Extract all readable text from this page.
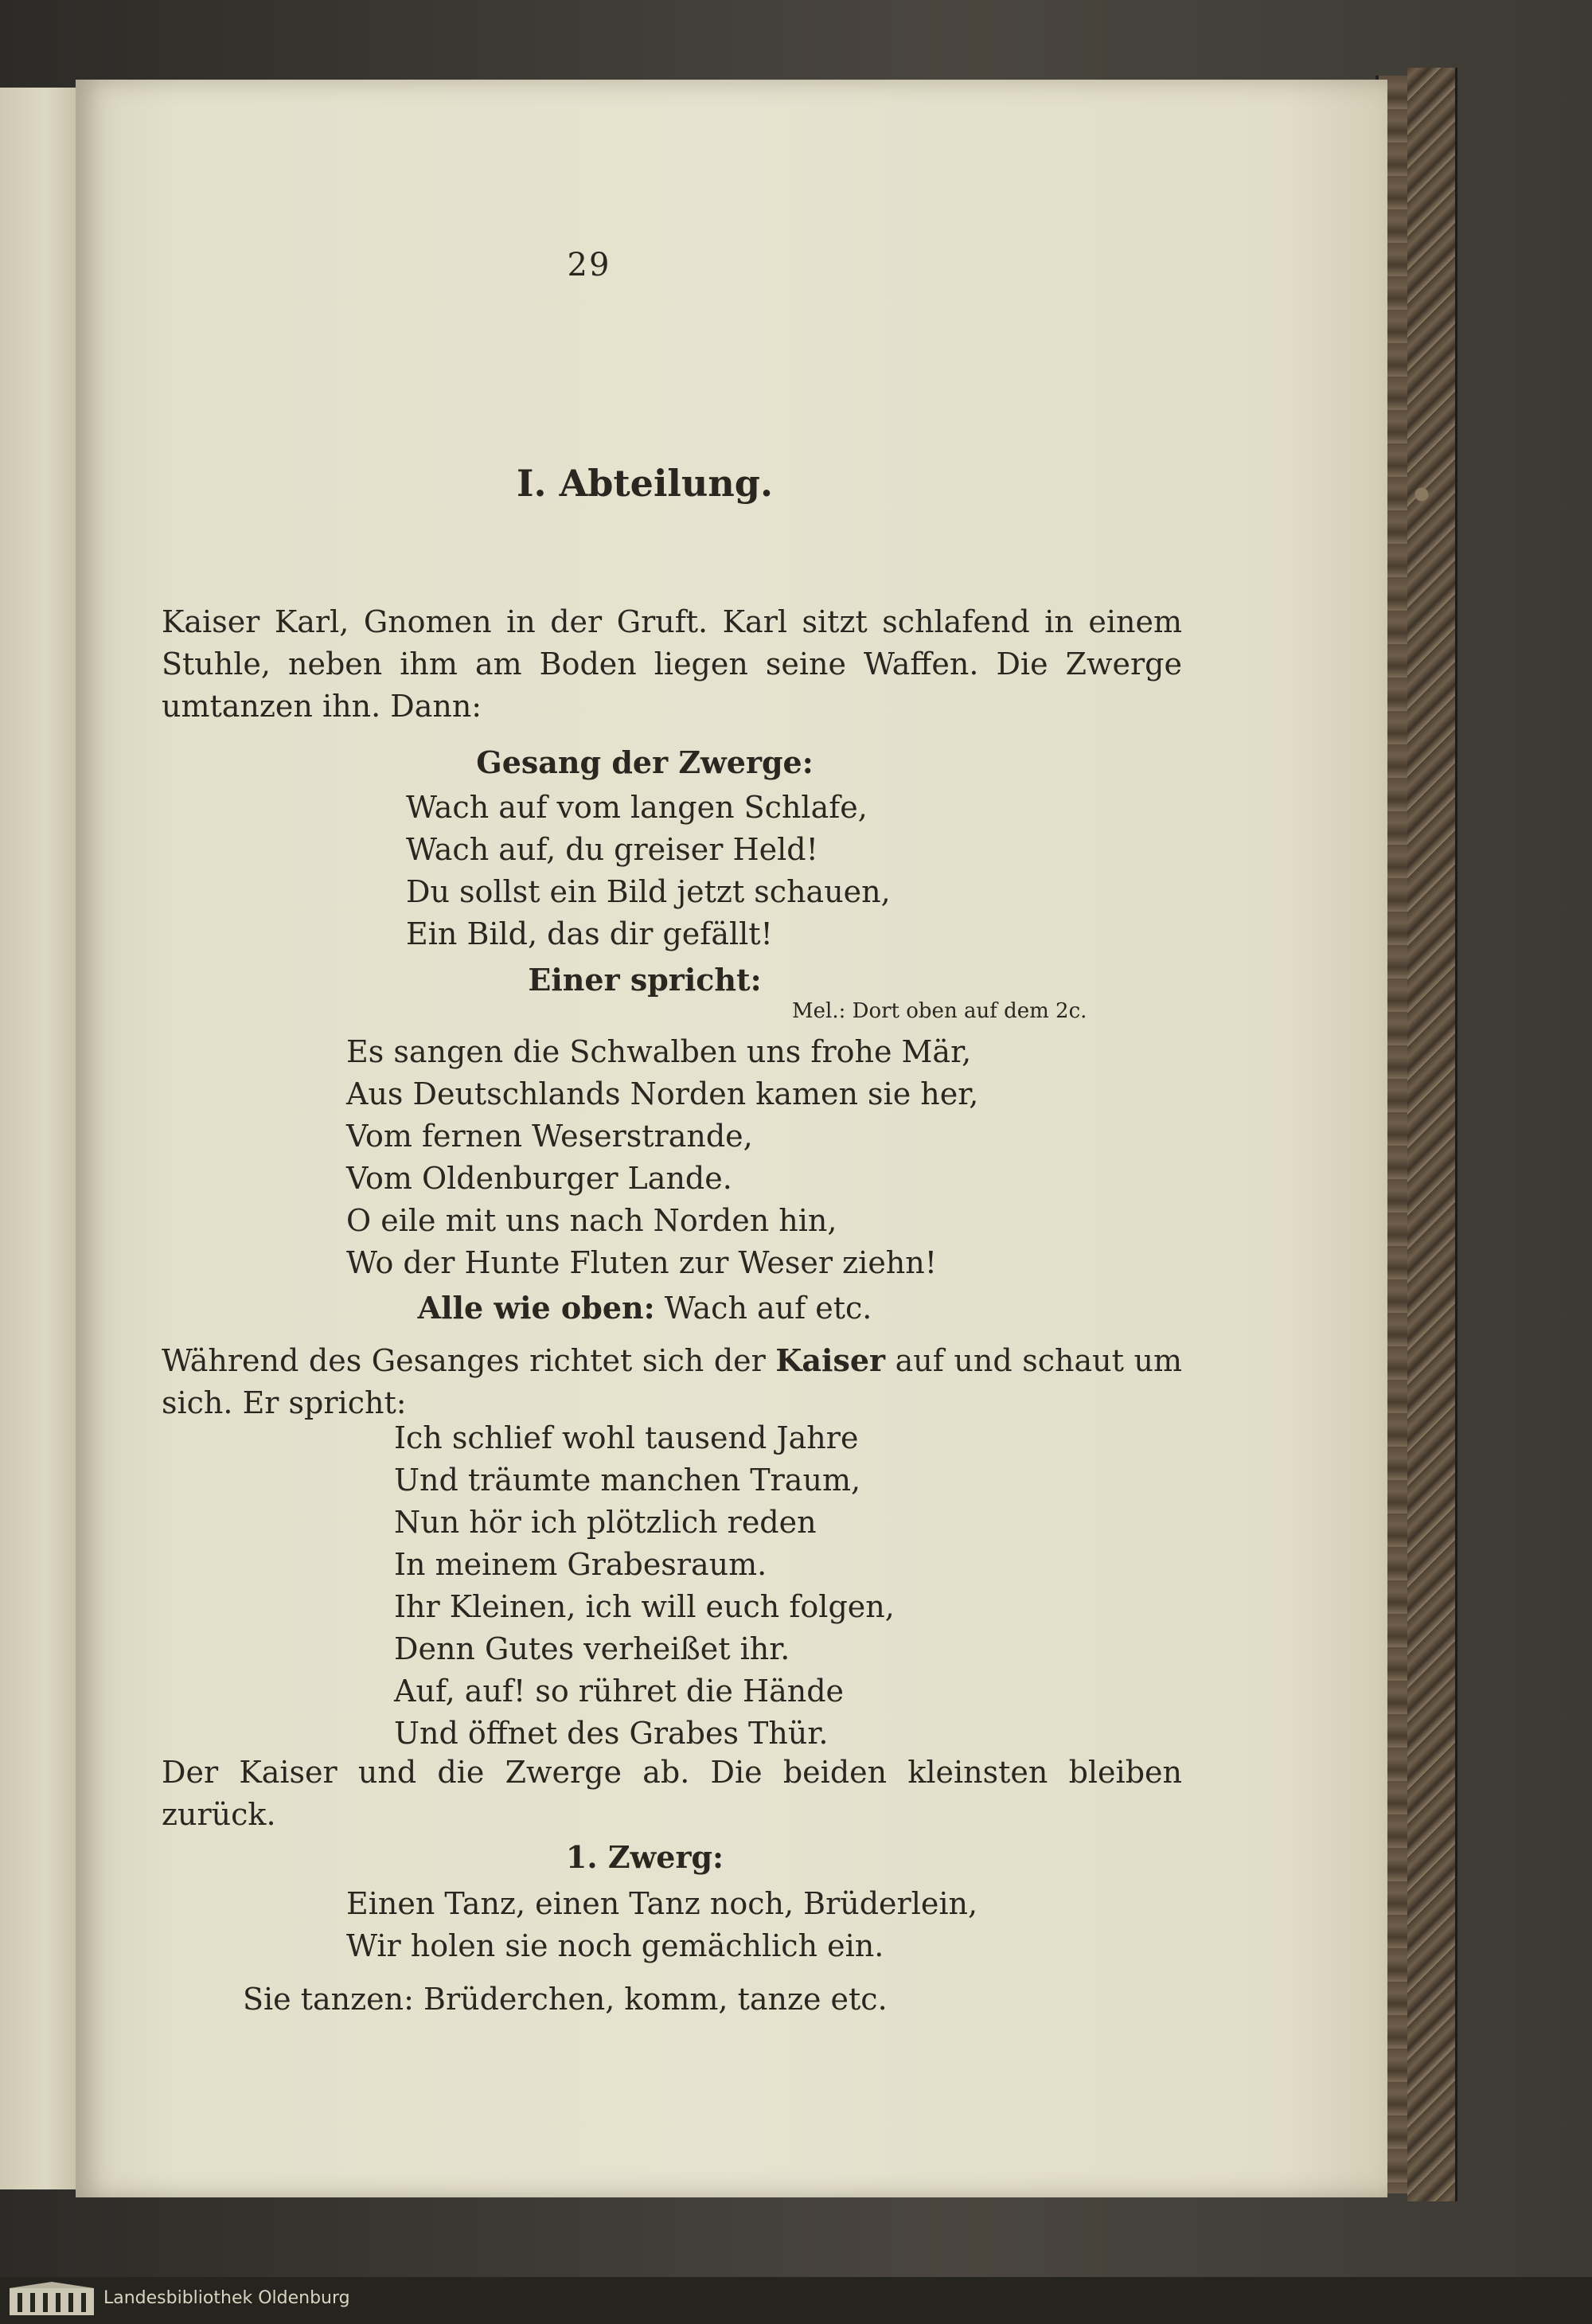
29
I. Abteilung.
Kaiser Karl, Gnomen in der Gruft. Karl sitzt schlafend in einem Stuhle, neben ihm am Boden liegen seine Waffen. Die Zwerge umtanzen ihn. Dann:
Gesang der Zwerge:
Wach auf vom langen Schlafe,
Wach auf, du greiser Held!
Du sollst ein Bild jetzt schauen,
Ein Bild, das dir gefällt!
Einer spricht:
Mel.: Dort oben auf dem 2c.
Es sangen die Schwalben uns frohe Mär,
Aus Deutschlands Norden kamen sie her,
Vom fernen Weserstrande,
Vom Oldenburger Lande.
O eile mit uns nach Norden hin,
Wo der Hunte Fluten zur Weser ziehn!
Alle wie oben: Wach auf etc.
Während des Gesanges richtet sich der Kaiser auf und schaut um sich. Er spricht:
Ich schlief wohl tausend Jahre
Und träumte manchen Traum,
Nun hör ich plötzlich reden
In meinem Grabesraum.
Ihr Kleinen, ich will euch folgen,
Denn Gutes verheißet ihr.
Auf, auf! so rühret die Hände
Und öffnet des Grabes Thür.
Der Kaiser und die Zwerge ab. Die beiden kleinsten bleiben zurück.
1. Zwerg:
Einen Tanz, einen Tanz noch, Brüderlein,
Wir holen sie noch gemächlich ein.
Sie tanzen: Brüderchen, komm, tanze etc.
Landesbibliothek Oldenburg
